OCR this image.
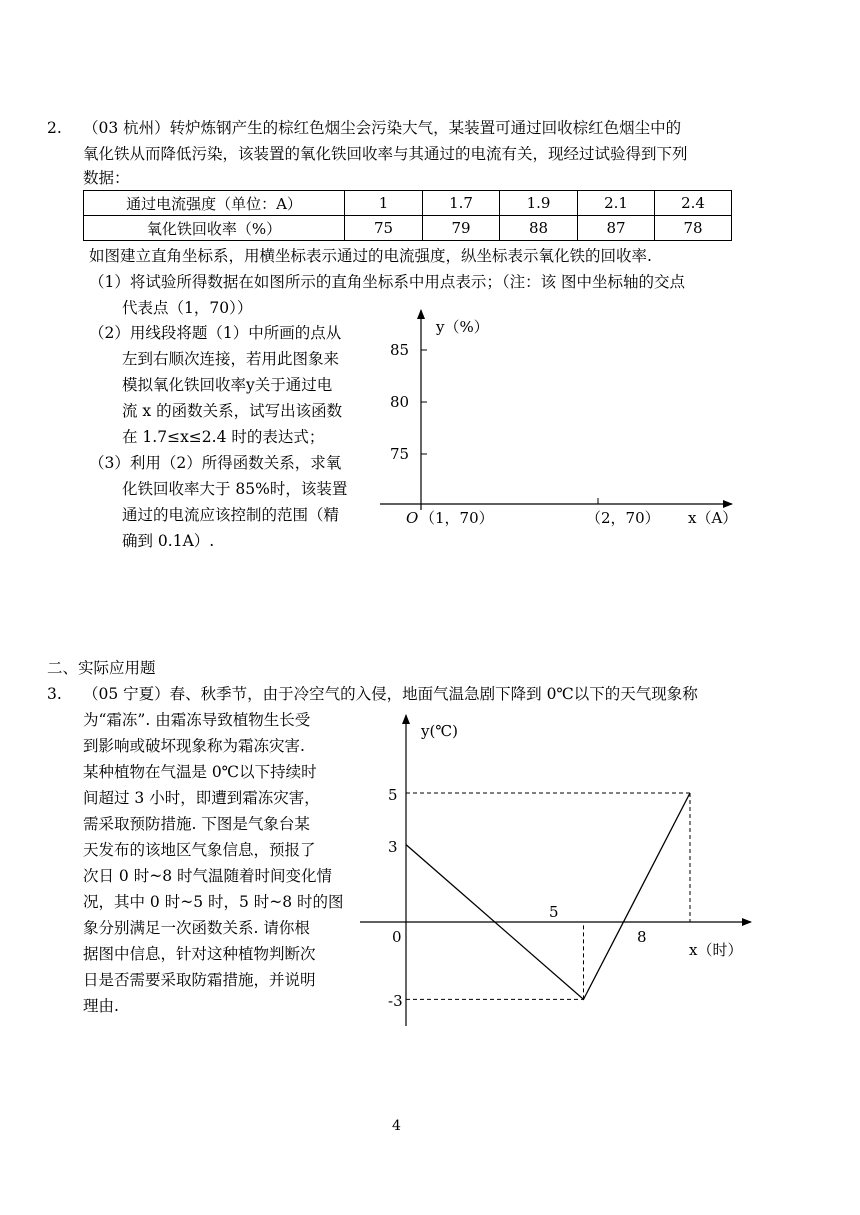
2. （03 杭州）转炉炼钢产生的棕红色烟尘会污染大气，某装置可通过回收棕红色烟尘中的
氧化铁从而降低污染，该装置的氧化铁回收率与其通过的电流有关，现经过试验得到下列
数据：
通过电流强度（单位：A）	1	1.7	1.9	2.1	2.4
氧化铁回收率（%）	75	79	88	87	78
如图建立直角坐标系，用横坐标表示通过的电流强度，纵坐标表示氧化铁的回收率.
（1）将试验所得数据在如图所示的直角坐标系中用点表示；（注：该 图中坐标轴的交点
代表点（1，70））
（2）用线段将题（1）中所画的点从
左到右顺次连接，若用此图象来
模拟氧化铁回收率y关于通过电
流 x 的函数关系，试写出该函数
在 1.7≤x≤2.4 时的表达式；
（3）利用（2）所得函数关系，求氧
化铁回收率大于 85%时，该装置
通过的电流应该控制的范围（精
确到 0.1A）.
85
80
75
y（%）
O （1，70）	（2，70） x（A）
二、实际应用题
3. （05 宁夏）春、秋季节，由于冷空气的入侵，地面气温急剧下降到 0℃以下的天气现象称
为“霜冻”. 由霜冻导致植物生长受
到影响或破坏现象称为霜冻灾害.
某种植物在气温是 0℃以下持续时
间超过 3 小时，即遭到霜冻灾害，
需采取预防措施. 下图是气象台某
天发布的该地区气象信息，预报了
次日 0 时~8 时气温随着时间变化情
况，其中 0 时~5 时，5 时~8 时的图
象分别满足一次函数关系. 请你根
据图中信息，针对这种植物判断次
日是否需要采取防霜措施，并说明
理由.
y(℃)
5
3
-3
0
5
8
x（时）
4
